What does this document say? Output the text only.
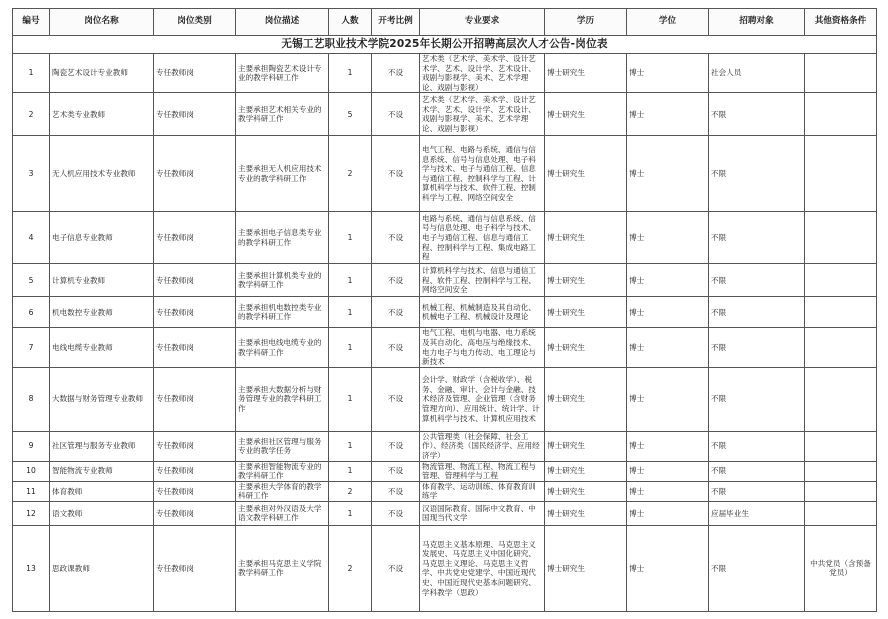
无锡工艺职业技术学院2025年长期公开招聘高层次人才公告-岗位表										
编号	岗位名称	岗位类别	岗位描述	人数	开考比例	专业要求	学历	学位	招聘对象	其他资格条件
1	陶瓷艺术设计专业教师	专任教师岗	主要承担陶瓷艺术设计专业的教学科研工作	1	不设	艺术类（艺术学、美术学、设计艺术学、艺术、设计学、艺术设计、戏剧与影视学、美术、艺术学理论、戏剧与影视）	博士研究生	博士	社会人员	
2	艺术类专业教师	专任教师岗	主要承担艺术相关专业的教学科研工作	5	不设	艺术类（艺术学、美术学、设计艺术学、艺术、设计学、艺术设计、戏剧与影视学、美术、艺术学理论、戏剧与影视）	博士研究生	博士	不限	
3	无人机应用技术专业教师	专任教师岗	主要承担无人机应用技术专业的教学科研工作	2	不设	电气工程、电路与系统、通信与信息系统、信号与信息处理、电子科学与技术、电子与通信工程、信息与通信工程、控制科学与工程、计算机科学与技术、软件工程、控制科学与工程、网络空间安全	博士研究生	博士	不限	
4	电子信息专业教师	专任教师岗	主要承担电子信息类专业的教学科研工作	1	不设	电路与系统、通信与信息系统、信号与信息处理、电子科学与技术、电子与通信工程、信息与通信工程、控制科学与工程、集成电路工程	博士研究生	博士	不限	
5	计算机专业教师	专任教师岗	主要承担计算机类专业的教学科研工作	1	不设	计算机科学与技术、信息与通信工程、软件工程、控制科学与工程、网络空间安全	博士研究生	博士	不限	
6	机电数控专业教师	专任教师岗	主要承担机电数控类专业的教学科研工作	1	不设	机械工程、机械制造及其自动化、机械电子工程、机械设计及理论	博士研究生	博士	不限	
7	电线电缆专业教师	专任教师岗	主要承担电线电缆专业的教学科研工作	1	不设	电气工程、电机与电器、电力系统及其自动化、高电压与绝缘技术、电力电子与电力传动、电工理论与新技术	博士研究生	博士	不限	
8	大数据与财务管理专业教师	专任教师岗	主要承担大数据分析与财务管理专业的教学科研工作	1	不设	会计学、财政学（含税收学）、税务、金融、审计、会计与金融、技术经济及管理、企业管理（含财务管理方向）、应用统计、统计学、计算机科学与技术、计算机应用技术	博士研究生	博士	不限	
9	社区管理与服务专业教师	专任教师岗	主要承担社区管理与服务专业的教学任务	1	不设	公共管理类（社会保障、社会工作）、经济类（国民经济学、应用经济学）	博士研究生	博士	不限	
10	智能物流专业教师	专任教师岗	主要承担智能物流专业的教学科研工作	1	不设	物流管理、物流工程、物流工程与管理、管理科学与工程	博士研究生	博士	不限	
11	体育教师	专任教师岗	主要承担大学体育的教学科研工作	2	不设	体育教学、运动训练、体育教育训练学	博士研究生	博士	不限	
12	语文教师	专任教师岗	主要承担对外汉语及大学语文教学科研工作	1	不设	汉语国际教育、国际中文教育、中国现当代文学	博士研究生	博士	应届毕业生	
13	思政课教师	专任教师岗	主要承担马克思主义学院教学科研工作	2	不设	马克思主义基本原理、马克思主义发展史、马克思主义中国化研究、马克思主义理论、马克思主义哲学、中共党史党建学、中国近现代史、中国近现代史基本问题研究、学科教学（思政）	博士研究生	博士	不限	中共党员（含预备党员）
